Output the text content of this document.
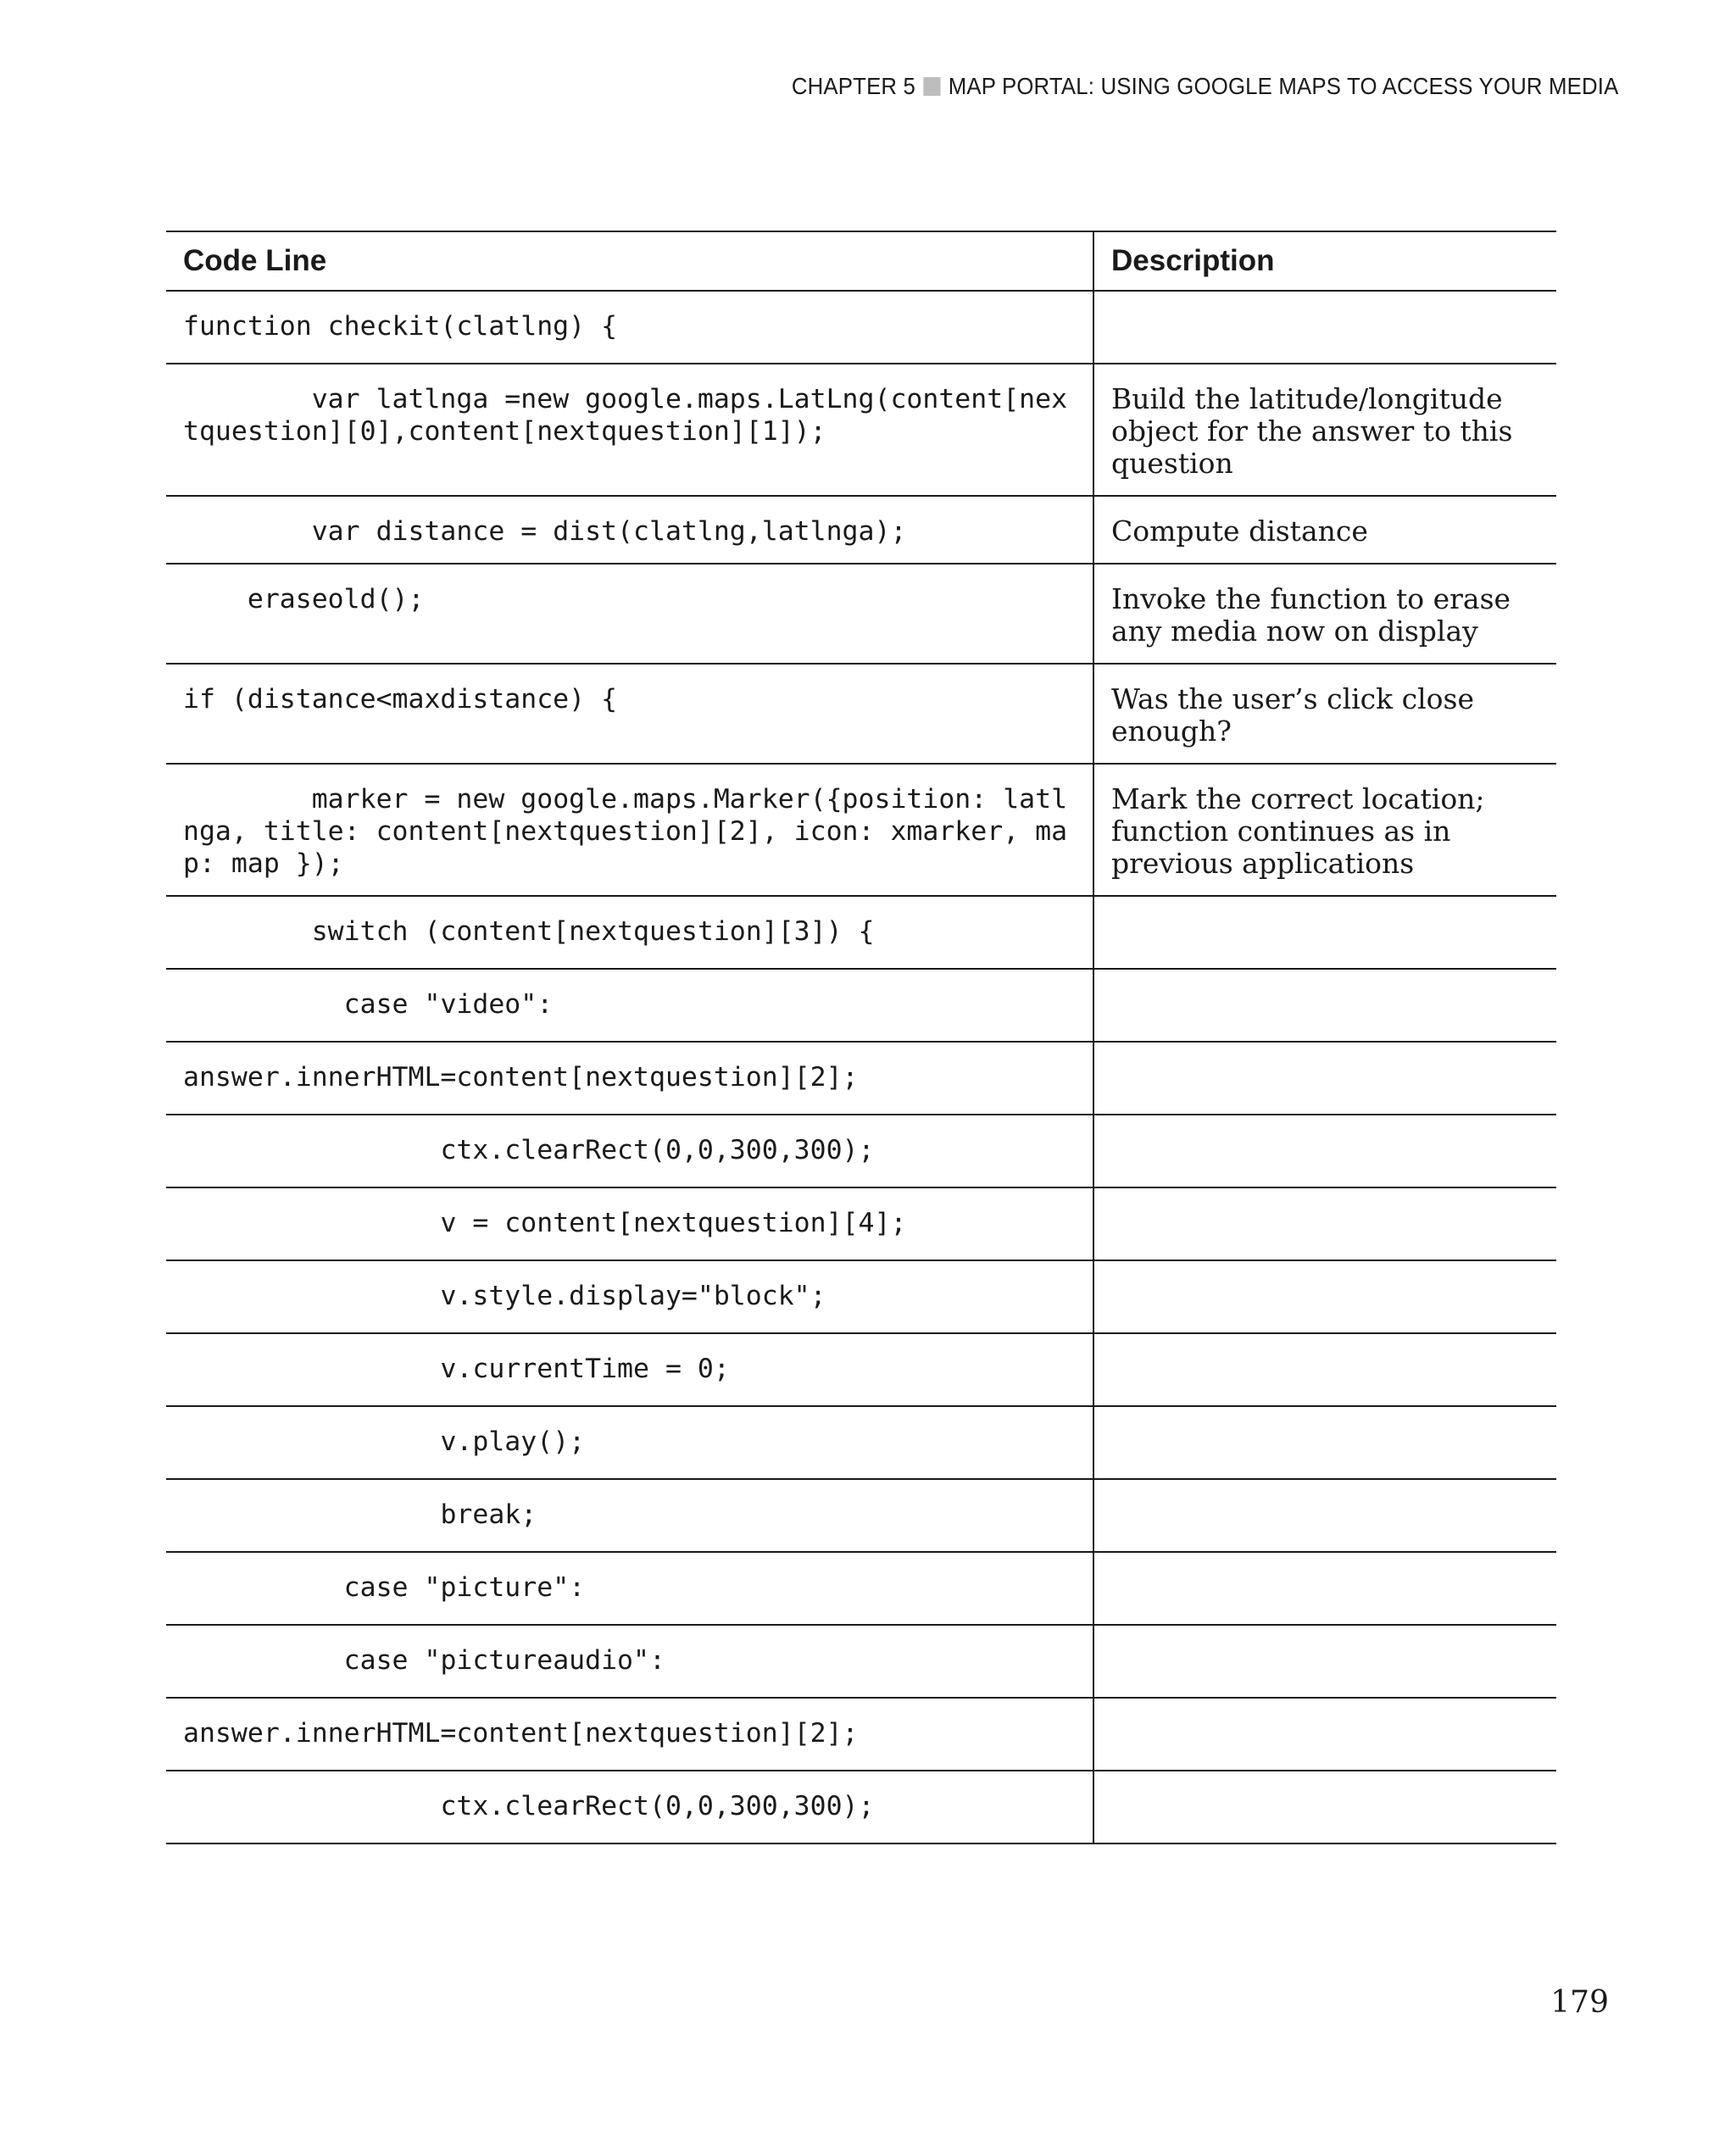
CHAPTER 5 MAP PORTAL: USING GOOGLE MAPS TO ACCESS YOUR MEDIA
Code Line	Description
function checkit(clatlng) {	
var latlnga =new google.maps.LatLng(content[nextquestion][0],content[nextquestion][1]);	Build the latitude/longitude object for the answer to this question
var distance = dist(clatlng,latlnga);	Compute distance
eraseold();	Invoke the function to erase any media now on display
if (distance<maxdistance) {	Was the user’s click close enough?
marker = new google.maps.Marker({position: latlnga, title: content[nextquestion][2], icon: xmarker, map: map });	Mark the correct location; function continues as in previous applications
switch (content[nextquestion][3]) {	
case "video":	
answer.innerHTML=content[nextquestion][2];	
ctx.clearRect(0,0,300,300);	
v = content[nextquestion][4];	
v.style.display="block";	
v.currentTime = 0;	
v.play();	
break;	
case "picture":	
case "pictureaudio":	
answer.innerHTML=content[nextquestion][2];	
ctx.clearRect(0,0,300,300);	
179
